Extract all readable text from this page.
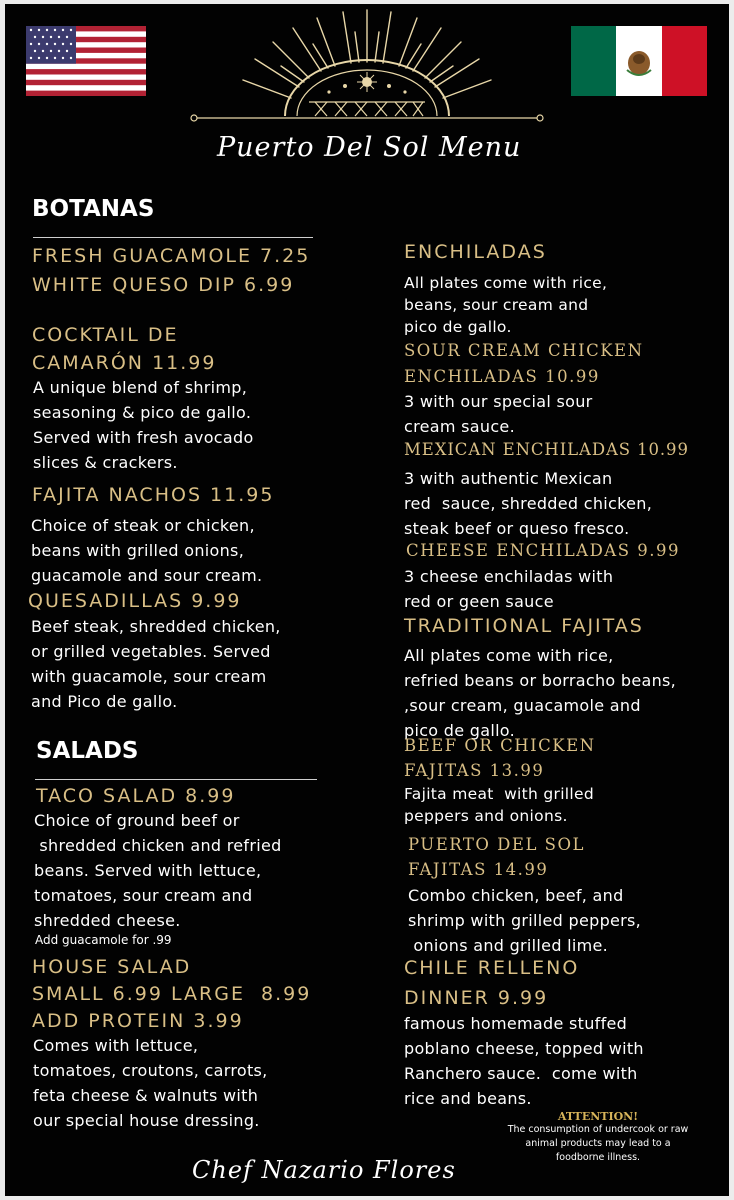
Puerto Del Sol Menu
BOTANAS
FRESH GUACAMOLE 7.25
WHITE QUESO DIP 6.99
COCKTAIL DE
CAMARÓN 11.99
A unique blend of shrimp,
seasoning & pico de gallo.
Served with fresh avocado
slices & crackers.
FAJITA NACHOS 11.95
Choice of steak or chicken,
beans with grilled onions,
guacamole and sour cream.
QUESADILLAS 9.99
Beef steak, shredded chicken,
or grilled vegetables. Served
with guacamole, sour cream
and Pico de gallo.
SALADS
TACO SALAD 8.99
Choice of ground beef or
shredded chicken and refried
beans. Served with lettuce,
tomatoes, sour cream and
shredded cheese.
Add guacamole for .99
HOUSE SALAD
SMALL 6.99 LARGE  8.99
ADD PROTEIN 3.99
Comes with lettuce,
tomatoes, croutons, carrots,
feta cheese & walnuts with
our special house dressing.
ENCHILADAS
All plates come with rice,
beans, sour cream and
pico de gallo.
SOUR CREAM CHICKEN
ENCHILADAS 10.99
3 with our special sour
cream sauce.
MEXICAN ENCHILADAS 10.99
3 with authentic Mexican
red  sauce, shredded chicken,
steak beef or queso fresco.
CHEESE ENCHILADAS 9.99
3 cheese enchiladas with
red or geen sauce
TRADITIONAL FAJITAS
All plates come with rice,
refried beans or borracho beans,
,sour cream, guacamole and
pico de gallo.
BEEF OR CHICKEN
FAJITAS 13.99
Fajita meat  with grilled
peppers and onions.
PUERTO DEL SOL
FAJITAS 14.99
Combo chicken, beef, and
shrimp with grilled peppers,
onions and grilled lime.
CHILE RELLENO
DINNER 9.99
famous homemade stuffed
poblano cheese, topped with
Ranchero sauce.  come with
rice and beans.
ATTENTION!
The consumption of undercook or raw
animal products may lead to a
foodborne illness.
Chef Nazario Flores
